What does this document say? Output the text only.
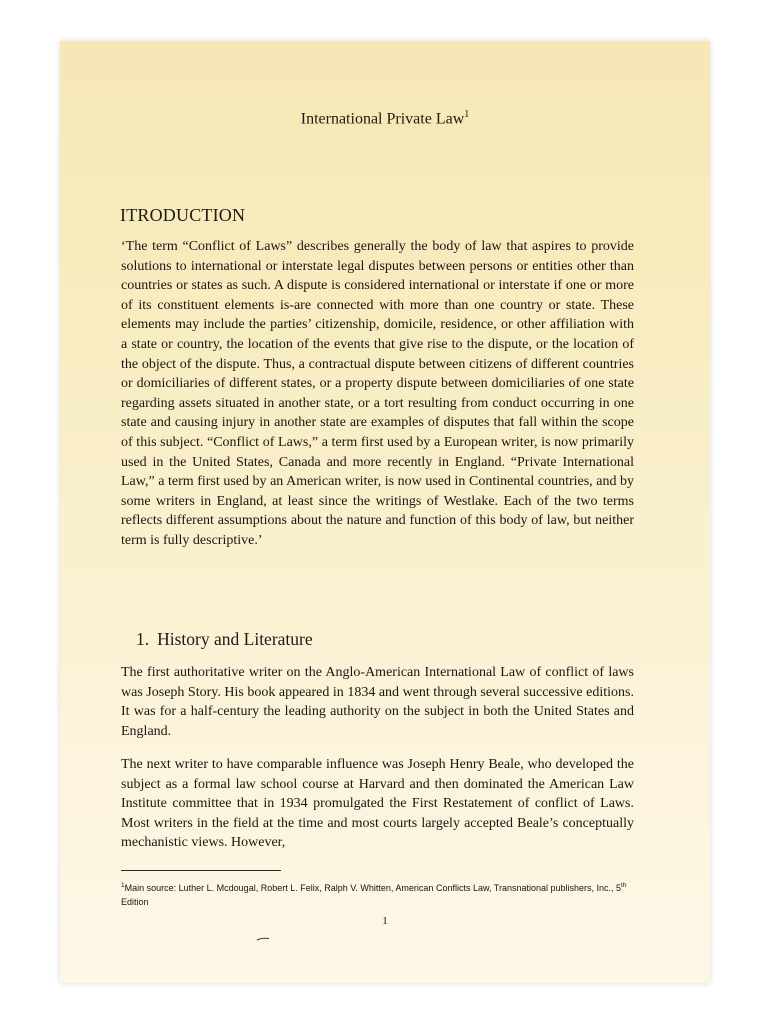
International Private Law$^1$
ITRODUCTION

‘The term “Conflict of Laws” describes generally the body of law that aspires to provide solutions to international or interstate legal disputes between persons or entities other than countries or states as such. A dispute is considered international or interstate if one or more of its constituent elements is-are connected with more than one country or state. These elements may include the parties’ citizenship, domicile, residence, or other affiliation with a state or country, the location of the events that give rise to the dispute, or the location of the object of the dispute. Thus, a contractual dispute between citizens of different countries or domiciliaries of different states, or a property dispute between domiciliaries of one state regarding assets situated in another state, or a tort resulting from conduct occurring in one state and causing injury in another state are examples of disputes that fall within the scope of this subject. “Conflict of Laws,” a term first used by a European writer, is now primarily used in the United States, Canada and more recently in England. “Private International Law,” a term first used by an American writer, is now used in Continental countries, and by some writers in England, at least since the writings of Westlake. Each of the two terms reflects different assumptions about the nature and function of this body of law, but neither term is fully descriptive.’

1. History and Literature

The first authoritative writer on the Anglo-American International Law of conflict of laws was Joseph Story. His book appeared in 1834 and went through several successive editions. It was for a half-century the leading authority on the subject in both the United States and England.

The next writer to have comparable influence was Joseph Henry Beale, who developed the subject as a formal law school course at Harvard and then dominated the American Law Institute committee that in 1934 promulgated the First Restatement of conflict of Laws. Most writers in the field at the time and most courts largely accepted Beale’s conceptually mechanistic views. However,

$^1$Main source: Luther L. Mcdougal, Robert L. Felix, Ralph V. Whitten, American Conflicts Law, Transnational publishers, Inc., 5th Edition
1
